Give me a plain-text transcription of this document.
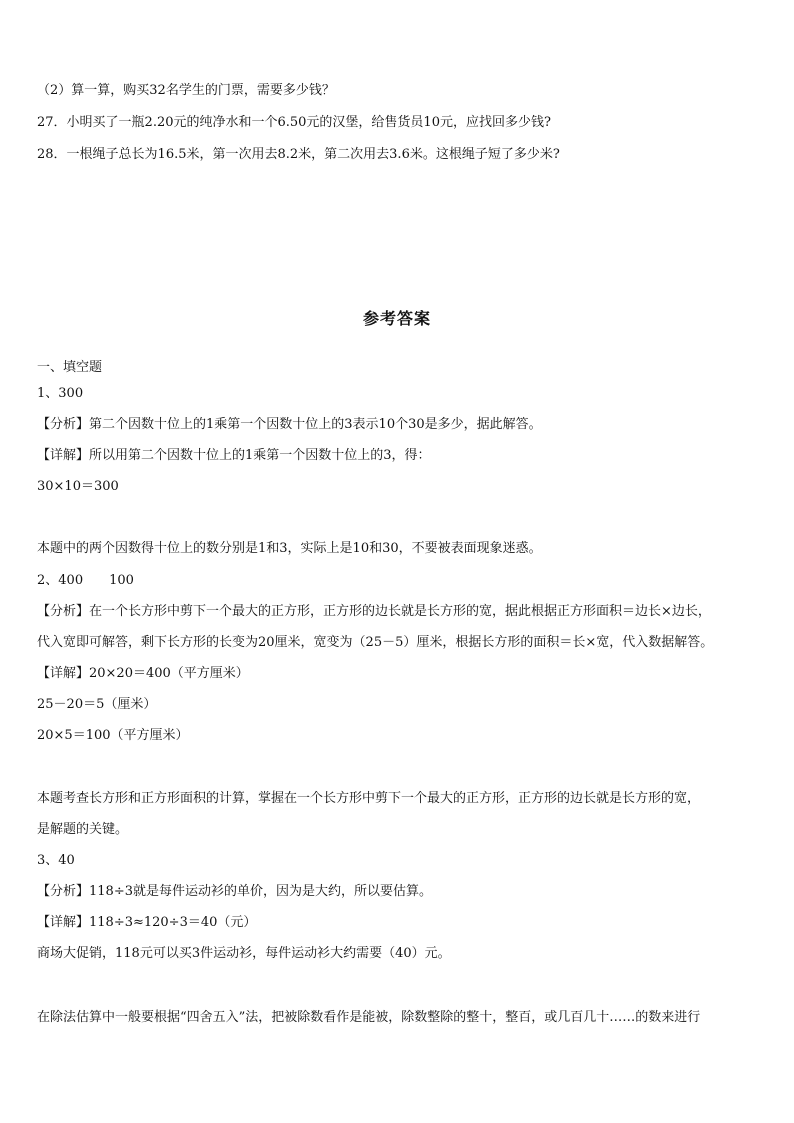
（2）算一算，购买32名学生的门票，需要多少钱？
27．小明买了一瓶2.20元的纯净水和一个6.50元的汉堡，给售货员10元，应找回多少钱?
28．一根绳子总长为16.5米，第一次用去8.2米，第二次用去3.6米。这根绳子短了多少米?
参考答案
一、填空题
1、300
【分析】第二个因数十位上的1乘第一个因数十位上的3表示10个30是多少，据此解答。
【详解】所以用第二个因数十位上的1乘第一个因数十位上的3，得：
30×10＝300
本题中的两个因数得十位上的数分别是1和3，实际上是10和30，不要被表面现象迷惑。
2、400　　100
【分析】在一个长方形中剪下一个最大的正方形，正方形的边长就是长方形的宽，据此根据正方形面积＝边长×边长，
代入宽即可解答，剩下长方形的长变为20厘米，宽变为（25－5）厘米，根据长方形的面积＝长×宽，代入数据解答。
【详解】20×20＝400（平方厘米）
25－20＝5（厘米）
20×5＝100（平方厘米）
本题考查长方形和正方形面积的计算，掌握在一个长方形中剪下一个最大的正方形，正方形的边长就是长方形的宽，
是解题的关键。
3、40
【分析】118÷3就是每件运动衫的单价，因为是大约，所以要估算。
【详解】118÷3≈120÷3＝40（元）
商场大促销，118元可以买3件运动衫，每件运动衫大约需要（40）元。
在除法估算中一般要根据“四舍五入”法，把被除数看作是能被，除数整除的整十，整百，或几百几十……的数来进行
